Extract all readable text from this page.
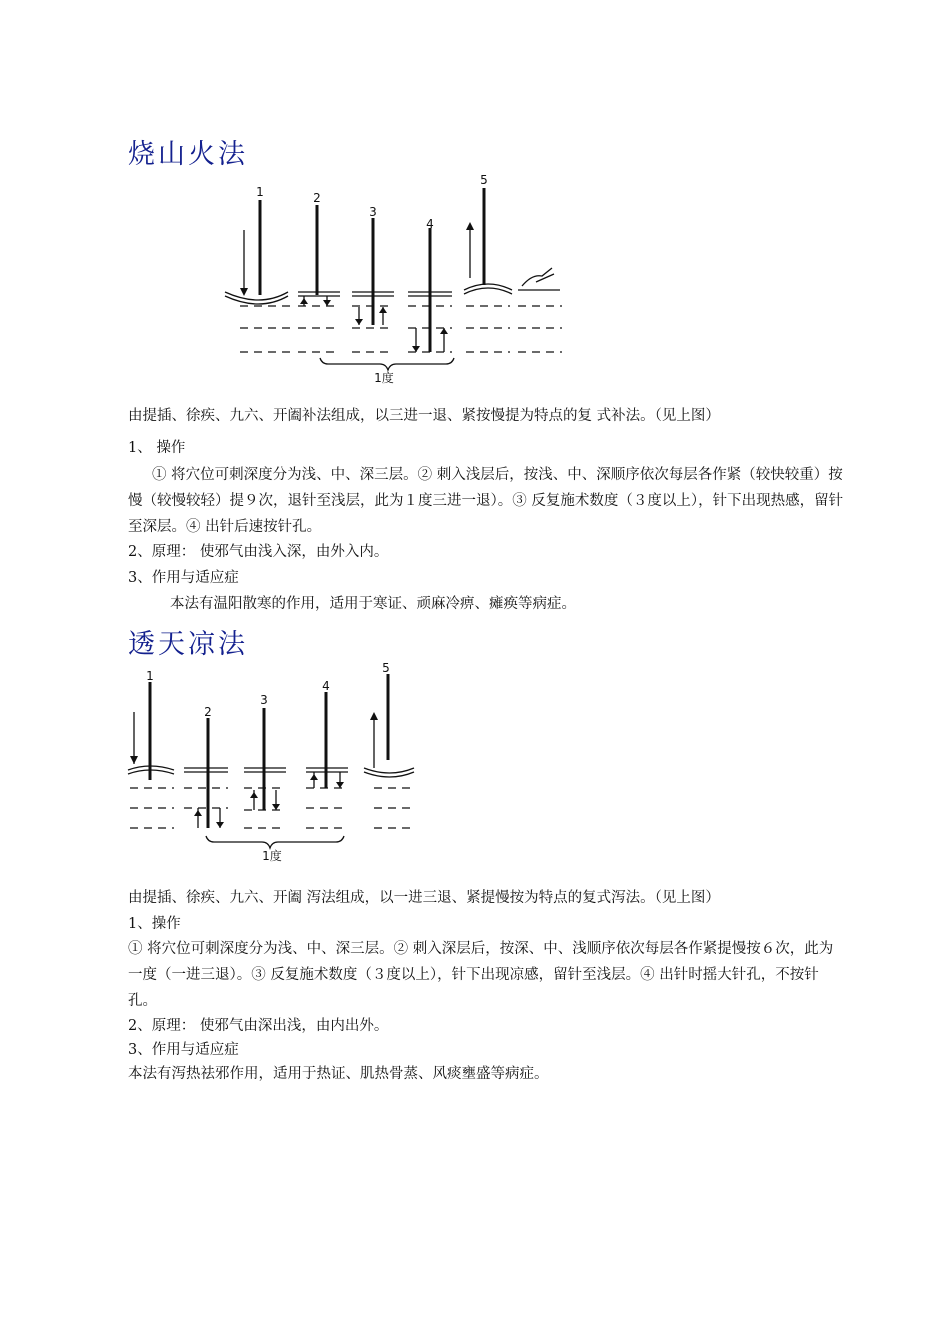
烧山火法
1	2
3
4
5
1度
由提插、徐疾、九六、开阖补法组成，以三进一退、紧按慢提为特点的复 式补法。（见上图）
1、 操作
① 将穴位可刺深度分为浅、中、深三层。② 刺入浅层后，按浅、中、深顺序依次每层各作紧（较快较重）按慢（较慢较轻）提９次，退针至浅层，此为１度三进一退）。③ 反复施术数度（３度以上），针下出现热感，留针至深层。④ 出针后速按针孔。
2、原理： 使邪气由浅入深，由外入内。
3、作用与适应症
本法有温阳散寒的作用，适用于寒证、顽麻冷痹、瘫痪等病症。
透天凉法
1
2
3
4
5
1度
由提插、徐疾、九六、开阖 泻法组成，以一进三退、紧提慢按为特点的复式泻法。（见上图）
1、操作
① 将穴位可刺深度分为浅、中、深三层。② 刺入深层后，按深、中、浅顺序依次每层各作紧提慢按６次，此为一度（一进三退）。③ 反复施术数度（３度以上），针下出现凉感，留针至浅层。④ 出针时摇大针孔，不按针孔。
2、原理： 使邪气由深出浅，由内出外。
3、作用与适应症
本法有泻热祛邪作用，适用于热证、肌热骨蒸、风痰壅盛等病症。
